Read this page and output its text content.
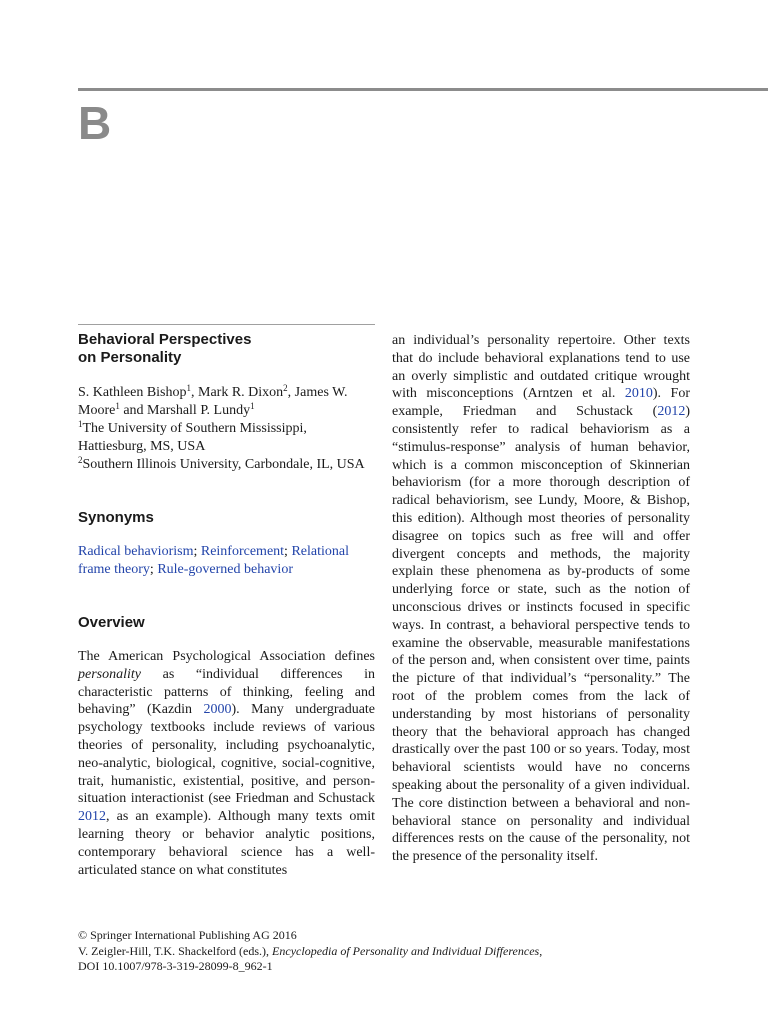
B
Behavioral Perspectives
on Personality
S. Kathleen Bishop$^1$, Mark R. Dixon$^2$, James W. Moore$^1$ and Marshall P. Lundy$^1$
$^1$The University of Southern Mississippi, Hattiesburg, MS, USA
$^2$Southern Illinois University, Carbondale, IL, USA
Synonyms
Radical behaviorism; Reinforcement; Relational frame theory; Rule-governed behavior
Overview

The American Psychological Association defines personality as “individual differences in characteristic patterns of thinking, feeling and behaving” (Kazdin 2000). Many undergraduate psychology textbooks include reviews of various theories of personality, including psychoanalytic, neo-analytic, biological, cognitive, social-cognitive, trait, humanistic, existential, positive, and person-situation interactionist (see Friedman and Schustack 2012, as an example). Although many texts omit learning theory or behavior analytic positions, contemporary behavioral science has a well-articulated stance on what constitutes

an individual’s personality repertoire. Other texts that do include behavioral explanations tend to use an overly simplistic and outdated critique wrought with misconceptions (Arntzen et al. 2010). For example, Friedman and Schustack (2012) consistently refer to radical behaviorism as a “stimulus-response” analysis of human behavior, which is a common misconception of Skinnerian behaviorism (for a more thorough description of radical behaviorism, see Lundy, Moore, & Bishop, this edition). Although most theories of personality disagree on topics such as free will and offer divergent concepts and methods, the majority explain these phenomena as by-products of some underlying force or state, such as the notion of unconscious drives or instincts focused in specific ways. In contrast, a behavioral perspective tends to examine the observable, measurable manifestations of the person and, when consistent over time, paints the picture of that individual’s “personality.” The root of the problem comes from the lack of understanding by most historians of personality theory that the behavioral approach has changed drastically over the past 100 or so years. Today, most behavioral scientists would have no concerns speaking about the personality of a given individual. The core distinction between a behavioral and non-behavioral stance on personality and individual differences rests on the cause of the personality, not the presence of the personality itself.

© Springer International Publishing AG 2016
V. Zeigler-Hill, T.K. Shackelford (eds.), Encyclopedia of Personality and Individual Differences,
DOI 10.1007/978-3-319-28099-8_962-1
